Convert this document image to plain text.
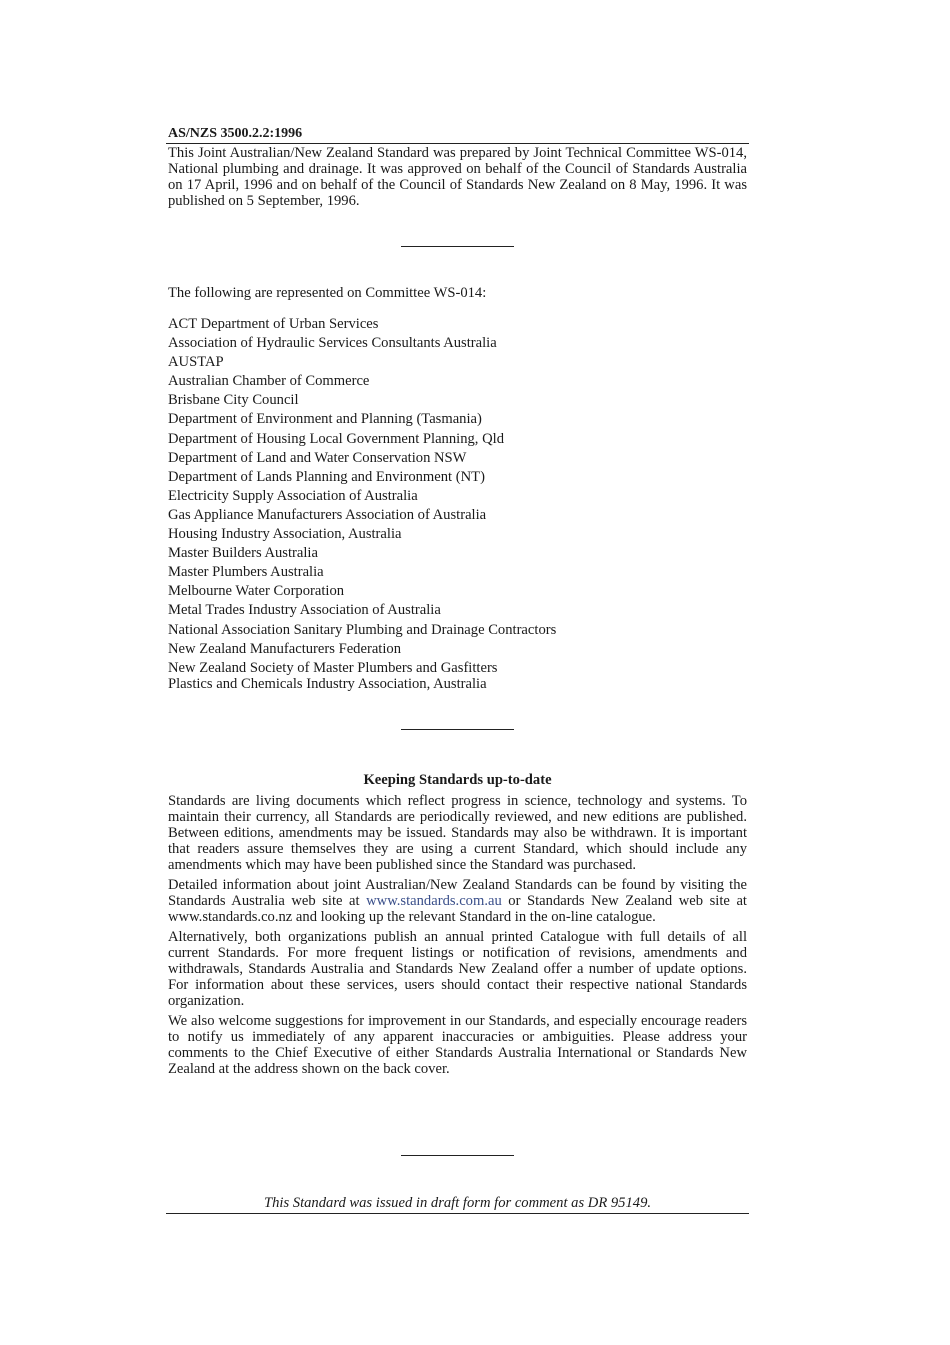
AS/NZS 3500.2.2:1996

This Joint Australian/New Zealand Standard was prepared by Joint Technical Committee WS-014, National plumbing and drainage. It was approved on behalf of the Council of Standards Australia on 17 April, 1996 and on behalf of the Council of Standards New Zealand on 8 May, 1996. It was published on 5 September, 1996.

The following are represented on Committee WS-014:
ACT Department of Urban Services
Association of Hydraulic Services Consultants Australia
AUSTAP
Australian Chamber of Commerce
Brisbane City Council
Department of Environment and Planning (Tasmania)
Department of Housing Local Government Planning, Qld
Department of Land and Water Conservation NSW
Department of Lands Planning and Environment (NT)
Electricity Supply Association of Australia
Gas Appliance Manufacturers Association of Australia
Housing Industry Association, Australia
Master Builders Australia
Master Plumbers Australia
Melbourne Water Corporation
Metal Trades Industry Association of Australia
National Association Sanitary Plumbing and Drainage Contractors
New Zealand Manufacturers Federation
New Zealand Society of Master Plumbers and Gasfitters
Plastics and Chemicals Industry Association, Australia
Keeping Standards up-to-date

Standards are living documents which reflect progress in science, technology and systems. To maintain their currency, all Standards are periodically reviewed, and new editions are published. Between editions, amendments may be issued. Standards may also be withdrawn. It is important that readers assure themselves they are using a current Standard, which should include any amendments which may have been published since the Standard was purchased.

Detailed information about joint Australian/New Zealand Standards can be found by visiting the Standards Australia web site at www.standards.com.au or Standards New Zealand web site at www.standards.co.nz and looking up the relevant Standard in the on-line catalogue.

Alternatively, both organizations publish an annual printed Catalogue with full details of all current Standards. For more frequent listings or notification of revisions, amendments and withdrawals, Standards Australia and Standards New Zealand offer a number of update options. For information about these services, users should contact their respective national Standards organization.

We also welcome suggestions for improvement in our Standards, and especially encourage readers to notify us immediately of any apparent inaccuracies or ambiguities. Please address your comments to the Chief Executive of either Standards Australia International or Standards New Zealand at the address shown on the back cover.

This Standard was issued in draft form for comment as DR 95149.
